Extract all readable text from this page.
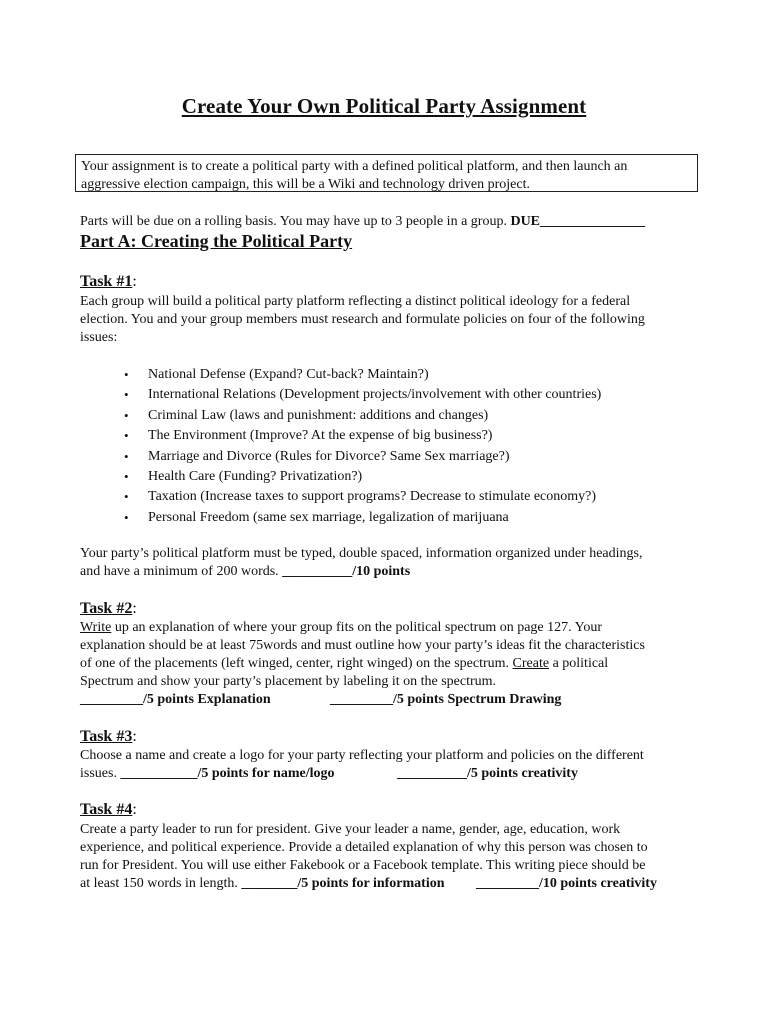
Create Your Own Political Party Assignment
Your assignment is to create a political party with a defined political platform, and then launch an
aggressive election campaign, this will be a Wiki and technology driven project.
Parts will be due on a rolling basis. You may have up to 3 people in a group. DUE_______________
Part A: Creating the Political Party
Task #1:
Each group will build a political party platform reflecting a distinct political ideology for a federal
election. You and your group members must research and formulate policies on four of the following
issues:
• National Defense (Expand? Cut-back? Maintain?)
• International Relations (Development projects/involvement with other countries)
• Criminal Law (laws and punishment: additions and changes)
• The Environment (Improve? At the expense of big business?)
• Marriage and Divorce (Rules for Divorce? Same Sex marriage?)
• Health Care (Funding? Privatization?)
• Taxation (Increase taxes to support programs? Decrease to stimulate economy?)
• Personal Freedom (same sex marriage, legalization of marijuana
Your party’s political platform must be typed, double spaced, information organized under headings,
and have a minimum of 200 words. __________/10 points
Task #2:
Write up an explanation of where your group fits on the political spectrum on page 127. Your
explanation should be at least 75words and must outline how your party’s ideas fit the characteristics
of one of the placements (left winged, center, right winged) on the spectrum. Create a political
Spectrum and show your party’s placement by labeling it on the spectrum.
_________/5 points Explanation	_________/5 points Spectrum Drawing
Task #3:
Choose a name and create a logo for your party reflecting your platform and policies on the different
issues. ___________/5 points for name/logo	__________/5 points creativity
Task #4:
Create a party leader to run for president. Give your leader a name, gender, age, education, work
experience, and political experience. Provide a detailed explanation of why this person was chosen to
run for President. You will use either Fakebook or a Facebook template. This writing piece should be
at least 150 words in length. ________/5 points for information _________/10 points creativity
